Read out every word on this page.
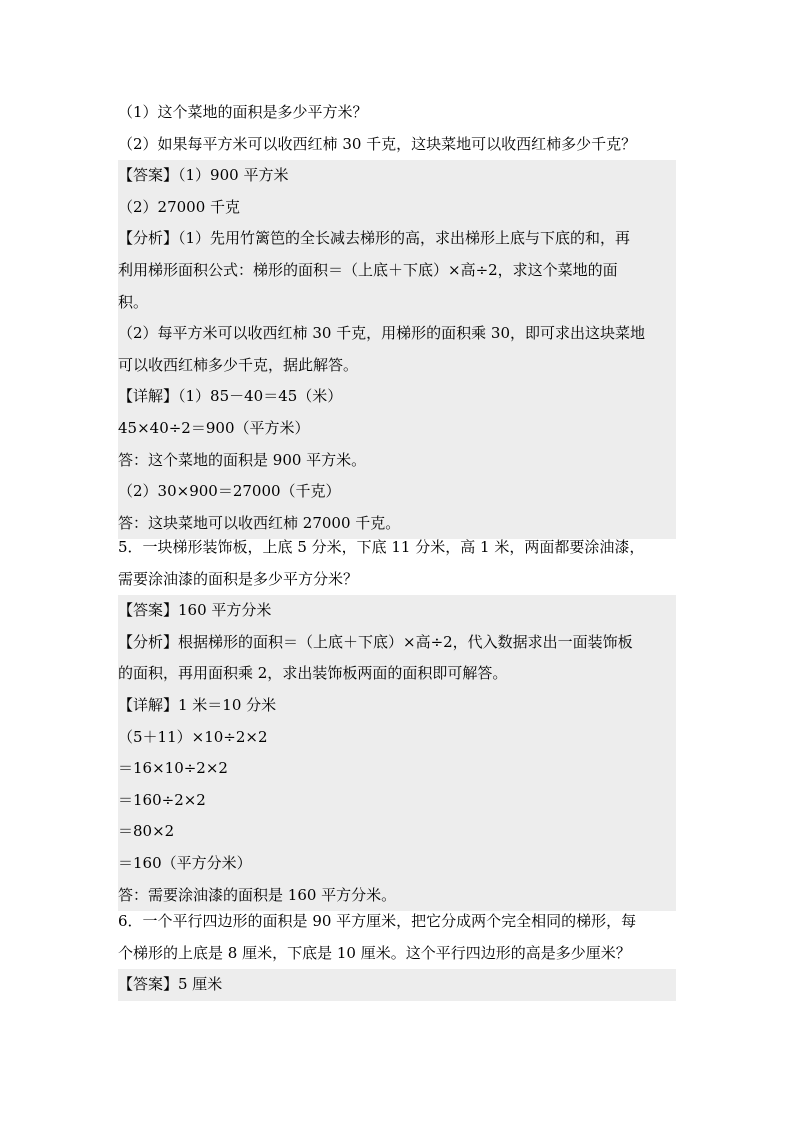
（1）这个菜地的面积是多少平方米？
（2）如果每平方米可以收西红柿 30 千克，这块菜地可以收西红柿多少千克？
【答案】（1）900 平方米
（2）27000 千克
【分析】（1）先用竹篱笆的全长减去梯形的高，求出梯形上底与下底的和，再
利用梯形面积公式：梯形的面积＝（上底＋下底）×高÷2，求这个菜地的面
积。
（2）每平方米可以收西红柿 30 千克，用梯形的面积乘 30，即可求出这块菜地
可以收西红柿多少千克，据此解答。
【详解】（1）85－40＝45（米）
45×40÷2＝900（平方米）
答：这个菜地的面积是 900 平方米。
（2）30×900＝27000（千克）
答：这块菜地可以收西红柿 27000 千克。
5．一块梯形装饰板，上底 5 分米，下底 11 分米，高 1 米，两面都要涂油漆，
需要涂油漆的面积是多少平方分米？
【答案】160 平方分米
【分析】根据梯形的面积＝（上底＋下底）×高÷2，代入数据求出一面装饰板
的面积，再用面积乘 2，求出装饰板两面的面积即可解答。
【详解】1 米＝10 分米
（5＋11）×10÷2×2
＝16×10÷2×2
＝160÷2×2
＝80×2
＝160（平方分米）
答：需要涂油漆的面积是 160 平方分米。
6．一个平行四边形的面积是 90 平方厘米，把它分成两个完全相同的梯形，每
个梯形的上底是 8 厘米，下底是 10 厘米。这个平行四边形的高是多少厘米？
【答案】5 厘米
